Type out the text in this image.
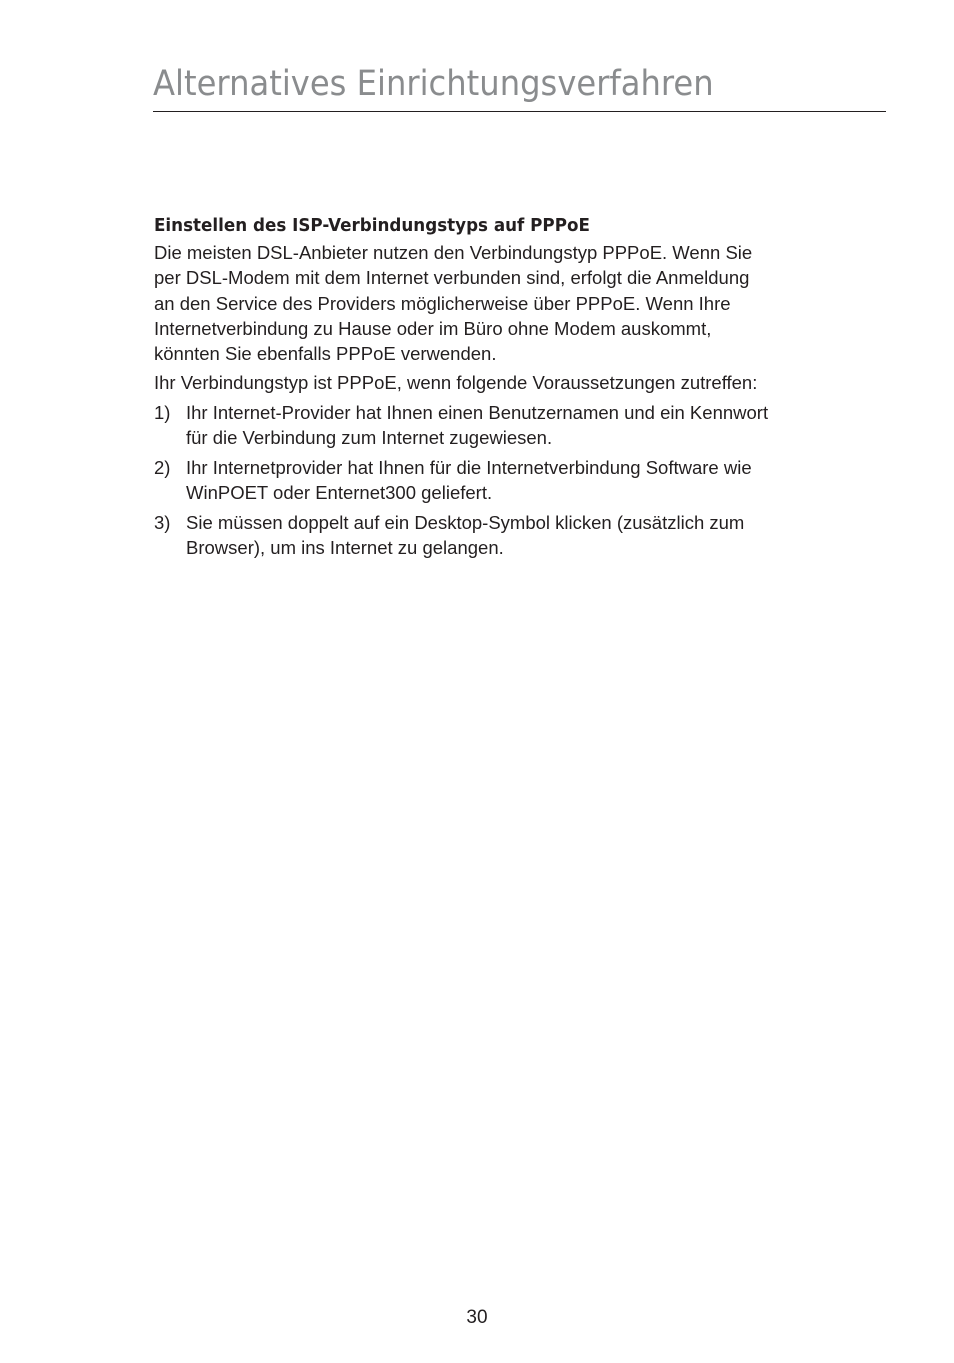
Alternatives Einrichtungsverfahren
Einstellen des ISP-Verbindungstyps auf PPPoE

Die meisten DSL-Anbieter nutzen den Verbindungstyp PPPoE. Wenn Sie
per DSL-Modem mit dem Internet verbunden sind, erfolgt die Anmeldung
an den Service des Providers möglicherweise über PPPoE. Wenn Ihre
Internetverbindung zu Hause oder im Büro ohne Modem auskommt,
könnten Sie ebenfalls PPPoE verwenden.

Ihr Verbindungstyp ist PPPoE, wenn folgende Voraussetzungen zutreffen:

1) Ihr Internet-Provider hat Ihnen einen Benutzernamen und ein Kennwort
für die Verbindung zum Internet zugewiesen.
2) Ihr Internetprovider hat Ihnen für die Internetverbindung Software wie
WinPOET oder Enternet300 geliefert.
3) Sie müssen doppelt auf ein Desktop-Symbol klicken (zusätzlich zum
Browser), um ins Internet zu gelangen.
30
